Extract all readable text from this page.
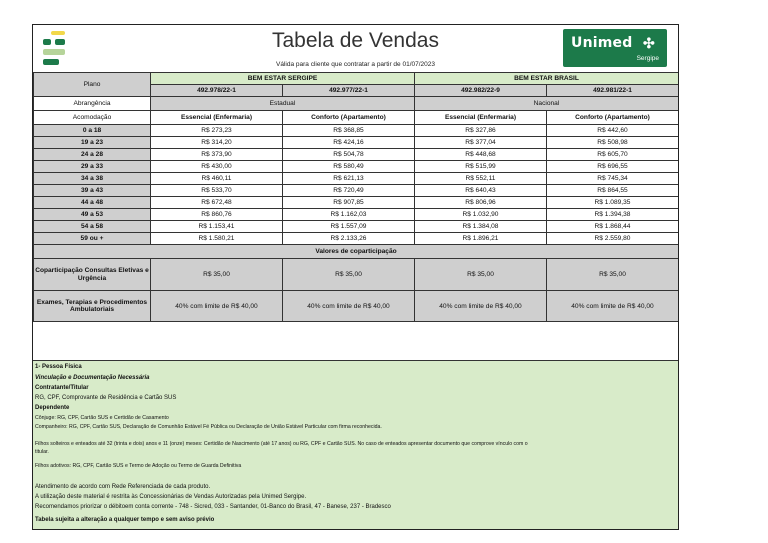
Tabela de Vendas
Válida para cliente que contratar a partir de 01/07/2023
Unimed ✣
Sergipe
Plano	BEM ESTAR SERGIPE		BEM ESTAR BRASIL	
	492.978/22-1	492.977/22-1	492.982/22-9	492.981/22-1
Abrangência	Estadual		Nacional	
Acomodação	Essencial (Enfermaria)	Conforto (Apartamento)	Essencial (Enfermaria)	Conforto (Apartamento)
0 a 18	R$ 273,23	R$ 368,85	R$ 327,86	R$ 442,60
19 a 23	R$ 314,20	R$ 424,16	R$ 377,04	R$ 508,98
24 a 28	R$ 373,90	R$ 504,78	R$ 448,68	R$ 605,70
29 a 33	R$ 430,00	R$ 580,49	R$ 515,99	R$ 696,55
34 a 38	R$ 460,11	R$ 621,13	R$ 552,11	R$ 745,34
39 a 43	R$ 533,70	R$ 720,49	R$ 640,43	R$ 864,55
44 a 48	R$ 672,48	R$ 907,85	R$ 806,96	R$ 1.089,35
49 a 53	R$ 860,76	R$ 1.162,03	R$ 1.032,90	R$ 1.394,38
54 a 58	R$ 1.153,41	R$ 1.557,09	R$ 1.384,08	R$ 1.868,44
59 ou +	R$ 1.580,21	R$ 2.133,26	R$ 1.896,21	R$ 2.559,80
Valores de coparticipação				
Coparticipação Consultas Eletivas e Urgência	R$ 35,00	R$ 35,00	R$ 35,00	R$ 35,00
Exames, Terapias e Procedimentos Ambulatoriais	40% com limite de R$ 40,00	40% com limite de R$ 40,00	40% com limite de R$ 40,00	40% com limite de R$ 40,00
1- Pessoa Física
Vinculação e Documentação Necessária
Contratante/Titular
RG, CPF, Comprovante de Residência e Cartão SUS
Dependente
Cônjuge: RG, CPF, Cartão SUS e Certidão de Casamento
Companheiro: RG, CPF, Cartão SUS, Declaração de Comunhão Estável Fé Pública ou Declaração de União Estável Particular com firma reconhecida.
Filhos solteiros e enteados até 32 (trinta e dois) anos e 11 (onze) meses: Certidão de Nascimento (até 17 anos) ou RG, CPF e Cartão SUS. No caso de enteados apresentar documento que comprove vínculo com o
titular.
Filhos adotivos: RG, CPF, Cartão SUS e Termo de Adoção ou Termo de Guarda Definitiva
Atendimento de acordo com Rede Referenciada de cada produto.
A utilização deste material é restrita às Concessionárias de Vendas Autorizadas pela Unimed Sergipe.
Recomendamos priorizar o débitoem conta corrente - 748 - Sicred, 033 - Santander, 01-Banco do Brasil, 47 - Banese, 237 - Bradesco
Tabela sujeita a alteração a qualquer tempo e sem aviso prévio
